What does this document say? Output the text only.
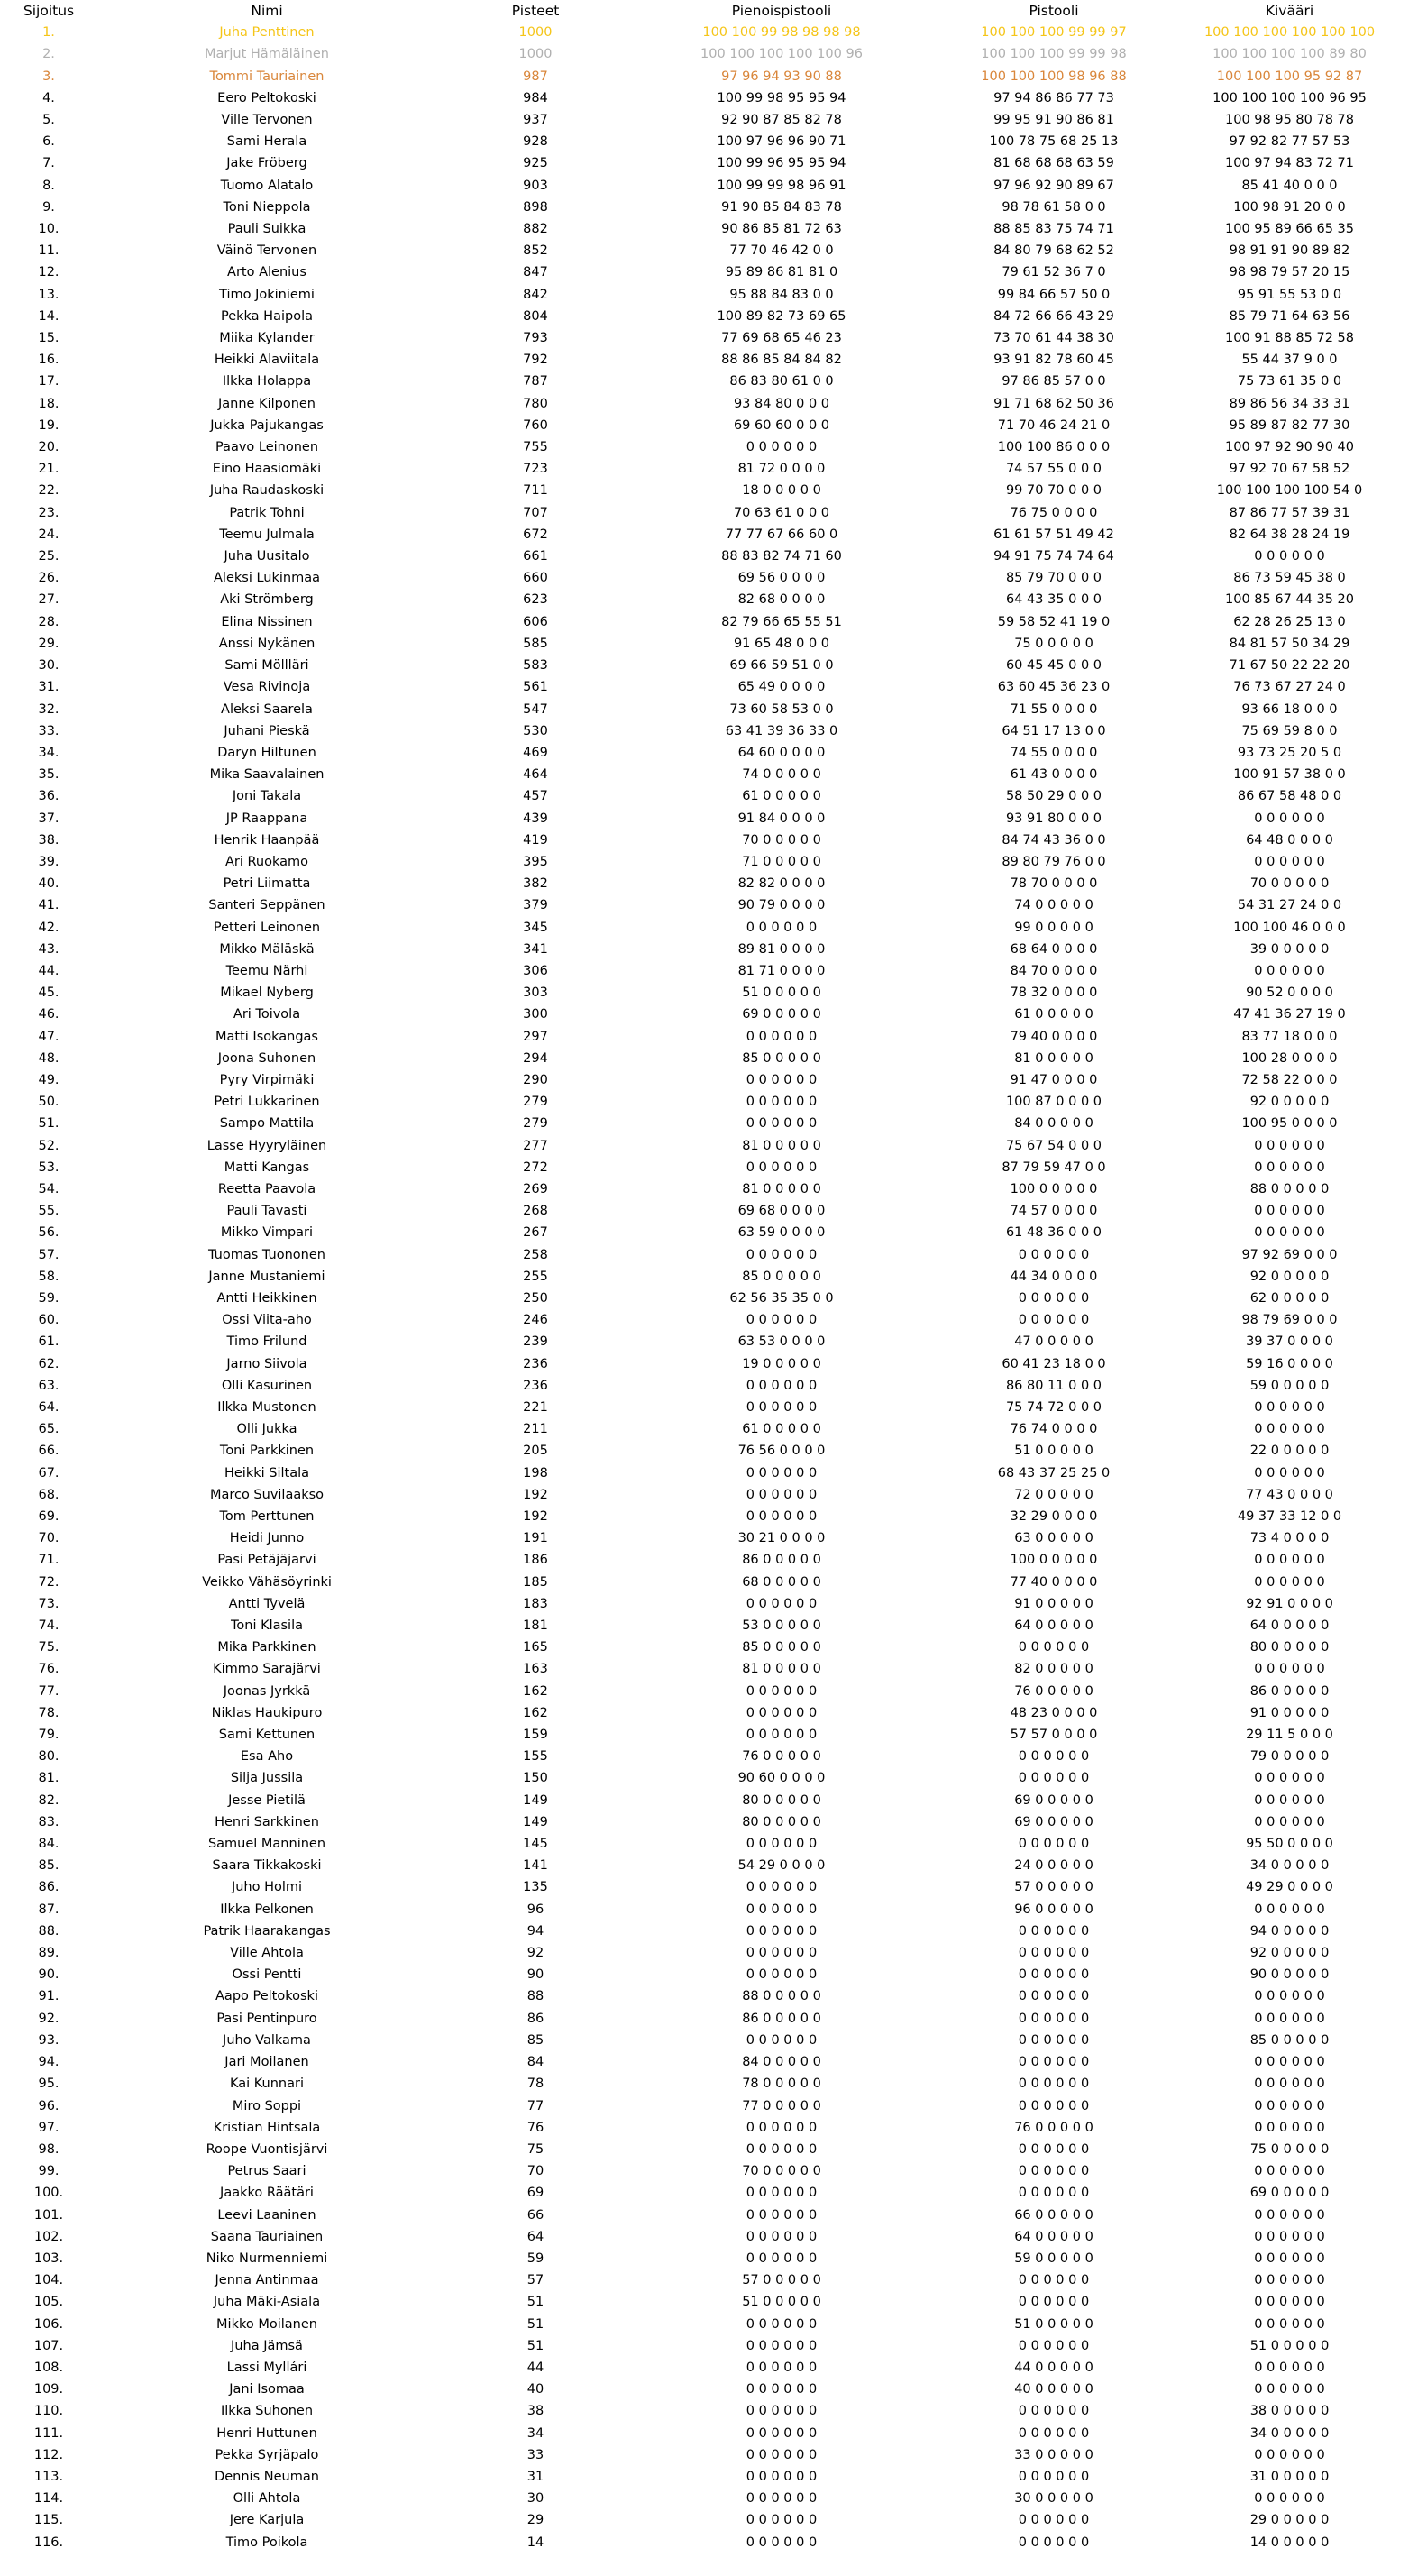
Sijoitus	Nimi	Pisteet	Pienoispistooli	Pistooli	Kivääri
1.	Juha Penttinen	1000	100 100 99 98 98 98 98	100 100 100 99 99 97	100 100 100 100 100 100
2.	Marjut Hämäläinen	1000	100 100 100 100 100 96	100 100 100 99 99 98	100 100 100 100 89 80
3.	Tommi Tauriainen	987	97 96 94 93 90 88	100 100 100 98 96 88	100 100 100 95 92 87
4.	Eero Peltokoski	984	100 99 98 95 95 94	97 94 86 86 77 73	100 100 100 100 96 95
5.	Ville Tervonen	937	92 90 87 85 82 78	99 95 91 90 86 81	100 98 95 80 78 78
6.	Sami Herala	928	100 97 96 96 90 71	100 78 75 68 25 13	97 92 82 77 57 53
7.	Jake Fröberg	925	100 99 96 95 95 94	81 68 68 68 63 59	100 97 94 83 72 71
8.	Tuomo Alatalo	903	100 99 99 98 96 91	97 96 92 90 89 67	85 41 40 0 0 0
9.	Toni Nieppola	898	91 90 85 84 83 78	98 78 61 58 0 0	100 98 91 20 0 0
10.	Pauli Suikka	882	90 86 85 81 72 63	88 85 83 75 74 71	100 95 89 66 65 35
11.	Väinö Tervonen	852	77 70 46 42 0 0	84 80 79 68 62 52	98 91 91 90 89 82
12.	Arto Alenius	847	95 89 86 81 81 0	79 61 52 36 7 0	98 98 79 57 20 15
13.	Timo Jokiniemi	842	95 88 84 83 0 0	99 84 66 57 50 0	95 91 55 53 0 0
14.	Pekka Haipola	804	100 89 82 73 69 65	84 72 66 66 43 29	85 79 71 64 63 56
15.	Miika Kylander	793	77 69 68 65 46 23	73 70 61 44 38 30	100 91 88 85 72 58
16.	Heikki Alaviitala	792	88 86 85 84 84 82	93 91 82 78 60 45	55 44 37 9 0 0
17.	Ilkka Holappa	787	86 83 80 61 0 0	97 86 85 57 0 0	75 73 61 35 0 0
18.	Janne Kilponen	780	93 84 80 0 0 0	91 71 68 62 50 36	89 86 56 34 33 31
19.	Jukka Pajukangas	760	69 60 60 0 0 0	71 70 46 24 21 0	95 89 87 82 77 30
20.	Paavo Leinonen	755	0 0 0 0 0 0	100 100 86 0 0 0	100 97 92 90 90 40
21.	Eino Haasiomäki	723	81 72 0 0 0 0	74 57 55 0 0 0	97 92 70 67 58 52
22.	Juha Raudaskoski	711	18 0 0 0 0 0	99 70 70 0 0 0	100 100 100 100 54 0
23.	Patrik Tohni	707	70 63 61 0 0 0	76 75 0 0 0 0	87 86 77 57 39 31
24.	Teemu Julmala	672	77 77 67 66 60 0	61 61 57 51 49 42	82 64 38 28 24 19
25.	Juha Uusitalo	661	88 83 82 74 71 60	94 91 75 74 74 64	0 0 0 0 0 0
26.	Aleksi Lukinmaa	660	69 56 0 0 0 0	85 79 70 0 0 0	86 73 59 45 38 0
27.	Aki Strömberg	623	82 68 0 0 0 0	64 43 35 0 0 0	100 85 67 44 35 20
28.	Elina Nissinen	606	82 79 66 65 55 51	59 58 52 41 19 0	62 28 26 25 13 0
29.	Anssi Nykänen	585	91 65 48 0 0 0	75 0 0 0 0 0	84 81 57 50 34 29
30.	Sami Möllläri	583	69 66 59 51 0 0	60 45 45 0 0 0	71 67 50 22 22 20
31.	Vesa Rivinoja	561	65 49 0 0 0 0	63 60 45 36 23 0	76 73 67 27 24 0
32.	Aleksi Saarela	547	73 60 58 53 0 0	71 55 0 0 0 0	93 66 18 0 0 0
33.	Juhani Pieskä	530	63 41 39 36 33 0	64 51 17 13 0 0	75 69 59 8 0 0
34.	Daryn Hiltunen	469	64 60 0 0 0 0	74 55 0 0 0 0	93 73 25 20 5 0
35.	Mika Saavalainen	464	74 0 0 0 0 0	61 43 0 0 0 0	100 91 57 38 0 0
36.	Joni Takala	457	61 0 0 0 0 0	58 50 29 0 0 0	86 67 58 48 0 0
37.	JP Raappana	439	91 84 0 0 0 0	93 91 80 0 0 0	0 0 0 0 0 0
38.	Henrik Haanpää	419	70 0 0 0 0 0	84 74 43 36 0 0	64 48 0 0 0 0
39.	Ari Ruokamo	395	71 0 0 0 0 0	89 80 79 76 0 0	0 0 0 0 0 0
40.	Petri Liimatta	382	82 82 0 0 0 0	78 70 0 0 0 0	70 0 0 0 0 0
41.	Santeri Seppänen	379	90 79 0 0 0 0	74 0 0 0 0 0	54 31 27 24 0 0
42.	Petteri Leinonen	345	0 0 0 0 0 0	99 0 0 0 0 0	100 100 46 0 0 0
43.	Mikko Mäläskä	341	89 81 0 0 0 0	68 64 0 0 0 0	39 0 0 0 0 0
44.	Teemu Närhi	306	81 71 0 0 0 0	84 70 0 0 0 0	0 0 0 0 0 0
45.	Mikael Nyberg	303	51 0 0 0 0 0	78 32 0 0 0 0	90 52 0 0 0 0
46.	Ari Toivola	300	69 0 0 0 0 0	61 0 0 0 0 0	47 41 36 27 19 0
47.	Matti Isokangas	297	0 0 0 0 0 0	79 40 0 0 0 0	83 77 18 0 0 0
48.	Joona Suhonen	294	85 0 0 0 0 0	81 0 0 0 0 0	100 28 0 0 0 0
49.	Pyry Virpimäki	290	0 0 0 0 0 0	91 47 0 0 0 0	72 58 22 0 0 0
50.	Petri Lukkarinen	279	0 0 0 0 0 0	100 87 0 0 0 0	92 0 0 0 0 0
51.	Sampo Mattila	279	0 0 0 0 0 0	84 0 0 0 0 0	100 95 0 0 0 0
52.	Lasse Hyyryläinen	277	81 0 0 0 0 0	75 67 54 0 0 0	0 0 0 0 0 0
53.	Matti Kangas	272	0 0 0 0 0 0	87 79 59 47 0 0	0 0 0 0 0 0
54.	Reetta Paavola	269	81 0 0 0 0 0	100 0 0 0 0 0	88 0 0 0 0 0
55.	Pauli Tavasti	268	69 68 0 0 0 0	74 57 0 0 0 0	0 0 0 0 0 0
56.	Mikko Vimpari	267	63 59 0 0 0 0	61 48 36 0 0 0	0 0 0 0 0 0
57.	Tuomas Tuononen	258	0 0 0 0 0 0	0 0 0 0 0 0	97 92 69 0 0 0
58.	Janne Mustaniemi	255	85 0 0 0 0 0	44 34 0 0 0 0	92 0 0 0 0 0
59.	Antti Heikkinen	250	62 56 35 35 0 0	0 0 0 0 0 0	62 0 0 0 0 0
60.	Ossi Viita-aho	246	0 0 0 0 0 0	0 0 0 0 0 0	98 79 69 0 0 0
61.	Timo Frilund	239	63 53 0 0 0 0	47 0 0 0 0 0	39 37 0 0 0 0
62.	Jarno Siivola	236	19 0 0 0 0 0	60 41 23 18 0 0	59 16 0 0 0 0
63.	Olli Kasurinen	236	0 0 0 0 0 0	86 80 11 0 0 0	59 0 0 0 0 0
64.	Ilkka Mustonen	221	0 0 0 0 0 0	75 74 72 0 0 0	0 0 0 0 0 0
65.	Olli Jukka	211	61 0 0 0 0 0	76 74 0 0 0 0	0 0 0 0 0 0
66.	Toni Parkkinen	205	76 56 0 0 0 0	51 0 0 0 0 0	22 0 0 0 0 0
67.	Heikki Siltala	198	0 0 0 0 0 0	68 43 37 25 25 0	0 0 0 0 0 0
68.	Marco Suvilaakso	192	0 0 0 0 0 0	72 0 0 0 0 0	77 43 0 0 0 0
69.	Tom Perttunen	192	0 0 0 0 0 0	32 29 0 0 0 0	49 37 33 12 0 0
70.	Heidi Junno	191	30 21 0 0 0 0	63 0 0 0 0 0	73 4 0 0 0 0
71.	Pasi Petäjäjarvi	186	86 0 0 0 0 0	100 0 0 0 0 0	0 0 0 0 0 0
72.	Veikko Vähäsöyrinki	185	68 0 0 0 0 0	77 40 0 0 0 0	0 0 0 0 0 0
73.	Antti Tyvelä	183	0 0 0 0 0 0	91 0 0 0 0 0	92 91 0 0 0 0
74.	Toni Klasila	181	53 0 0 0 0 0	64 0 0 0 0 0	64 0 0 0 0 0
75.	Mika Parkkinen	165	85 0 0 0 0 0	0 0 0 0 0 0	80 0 0 0 0 0
76.	Kimmo Sarajärvi	163	81 0 0 0 0 0	82 0 0 0 0 0	0 0 0 0 0 0
77.	Joonas Jyrkkä	162	0 0 0 0 0 0	76 0 0 0 0 0	86 0 0 0 0 0
78.	Niklas Haukipuro	162	0 0 0 0 0 0	48 23 0 0 0 0	91 0 0 0 0 0
79.	Sami Kettunen	159	0 0 0 0 0 0	57 57 0 0 0 0	29 11 5 0 0 0
80.	Esa Aho	155	76 0 0 0 0 0	0 0 0 0 0 0	79 0 0 0 0 0
81.	Silja Jussila	150	90 60 0 0 0 0	0 0 0 0 0 0	0 0 0 0 0 0
82.	Jesse Pietilä	149	80 0 0 0 0 0	69 0 0 0 0 0	0 0 0 0 0 0
83.	Henri Sarkkinen	149	80 0 0 0 0 0	69 0 0 0 0 0	0 0 0 0 0 0
84.	Samuel Manninen	145	0 0 0 0 0 0	0 0 0 0 0 0	95 50 0 0 0 0
85.	Saara Tikkakoski	141	54 29 0 0 0 0	24 0 0 0 0 0	34 0 0 0 0 0
86.	Juho Holmi	135	0 0 0 0 0 0	57 0 0 0 0 0	49 29 0 0 0 0
87.	Ilkka Pelkonen	96	0 0 0 0 0 0	96 0 0 0 0 0	0 0 0 0 0 0
88.	Patrik Haarakangas	94	0 0 0 0 0 0	0 0 0 0 0 0	94 0 0 0 0 0
89.	Ville Ahtola	92	0 0 0 0 0 0	0 0 0 0 0 0	92 0 0 0 0 0
90.	Ossi Pentti	90	0 0 0 0 0 0	0 0 0 0 0 0	90 0 0 0 0 0
91.	Aapo Peltokoski	88	88 0 0 0 0 0	0 0 0 0 0 0	0 0 0 0 0 0
92.	Pasi Pentinpuro	86	86 0 0 0 0 0	0 0 0 0 0 0	0 0 0 0 0 0
93.	Juho Valkama	85	0 0 0 0 0 0	0 0 0 0 0 0	85 0 0 0 0 0
94.	Jari Moilanen	84	84 0 0 0 0 0	0 0 0 0 0 0	0 0 0 0 0 0
95.	Kai Kunnari	78	78 0 0 0 0 0	0 0 0 0 0 0	0 0 0 0 0 0
96.	Miro Soppi	77	77 0 0 0 0 0	0 0 0 0 0 0	0 0 0 0 0 0
97.	Kristian Hintsala	76	0 0 0 0 0 0	76 0 0 0 0 0	0 0 0 0 0 0
98.	Roope Vuontisjärvi	75	0 0 0 0 0 0	0 0 0 0 0 0	75 0 0 0 0 0
99.	Petrus Saari	70	70 0 0 0 0 0	0 0 0 0 0 0	0 0 0 0 0 0
100.	Jaakko Räätäri	69	0 0 0 0 0 0	0 0 0 0 0 0	69 0 0 0 0 0
101.	Leevi Laaninen	66	0 0 0 0 0 0	66 0 0 0 0 0	0 0 0 0 0 0
102.	Saana Tauriainen	64	0 0 0 0 0 0	64 0 0 0 0 0	0 0 0 0 0 0
103.	Niko Nurmenniemi	59	0 0 0 0 0 0	59 0 0 0 0 0	0 0 0 0 0 0
104.	Jenna Antinmaa	57	57 0 0 0 0 0	0 0 0 0 0 0	0 0 0 0 0 0
105.	Juha Mäki-Asiala	51	51 0 0 0 0 0	0 0 0 0 0 0	0 0 0 0 0 0
106.	Mikko Moilanen	51	0 0 0 0 0 0	51 0 0 0 0 0	0 0 0 0 0 0
107.	Juha Jämsä	51	0 0 0 0 0 0	0 0 0 0 0 0	51 0 0 0 0 0
108.	Lassi Myllári	44	0 0 0 0 0 0	44 0 0 0 0 0	0 0 0 0 0 0
109.	Jani Isomaa	40	0 0 0 0 0 0	40 0 0 0 0 0	0 0 0 0 0 0
110.	Ilkka Suhonen	38	0 0 0 0 0 0	0 0 0 0 0 0	38 0 0 0 0 0
111.	Henri Huttunen	34	0 0 0 0 0 0	0 0 0 0 0 0	34 0 0 0 0 0
112.	Pekka Syrjäpalo	33	0 0 0 0 0 0	33 0 0 0 0 0	0 0 0 0 0 0
113.	Dennis Neuman	31	0 0 0 0 0 0	0 0 0 0 0 0	31 0 0 0 0 0
114.	Olli Ahtola	30	0 0 0 0 0 0	30 0 0 0 0 0	0 0 0 0 0 0
115.	Jere Karjula	29	0 0 0 0 0 0	0 0 0 0 0 0	29 0 0 0 0 0
116.	Timo Poikola	14	0 0 0 0 0 0	0 0 0 0 0 0	14 0 0 0 0 0
